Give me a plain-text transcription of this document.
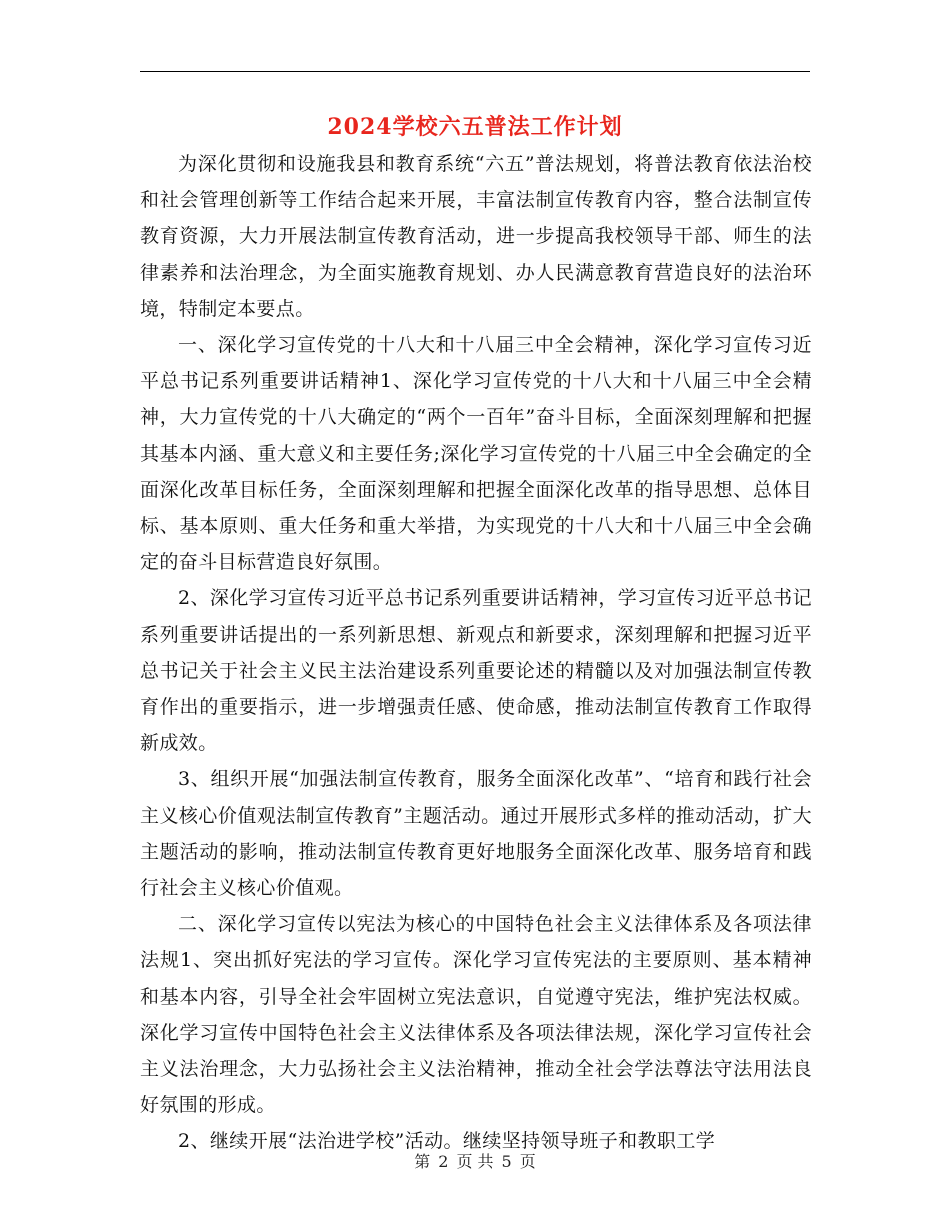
2024学校六五普法工作计划

为深化贯彻和设施我县和教育系统“六五”普法规划，将普法教育依法治校和社会管理创新等工作结合起来开展，丰富法制宣传教育内容，整合法制宣传教育资源，大力开展法制宣传教育活动，进一步提高我校领导干部、师生的法律素养和法治理念，为全面实施教育规划、办人民满意教育营造良好的法治环境，特制定本要点。

一、深化学习宣传党的十八大和十八届三中全会精神，深化学习宣传习近平总书记系列重要讲话精神1、深化学习宣传党的十八大和十八届三中全会精神，大力宣传党的十八大确定的“两个一百年”奋斗目标，全面深刻理解和把握其基本内涵、重大意义和主要任务;深化学习宣传党的十八届三中全会确定的全面深化改革目标任务，全面深刻理解和把握全面深化改革的指导思想、总体目标、基本原则、重大任务和重大举措，为实现党的十八大和十八届三中全会确定的奋斗目标营造良好氛围。

2、深化学习宣传习近平总书记系列重要讲话精神，学习宣传习近平总书记系列重要讲话提出的一系列新思想、新观点和新要求，深刻理解和把握习近平总书记关于社会主义民主法治建设系列重要论述的精髓以及对加强法制宣传教育作出的重要指示，进一步增强责任感、使命感，推动法制宣传教育工作取得新成效。

3、组织开展“加强法制宣传教育，服务全面深化改革”、“培育和践行社会主义核心价值观法制宣传教育”主题活动。通过开展形式多样的推动活动，扩大主题活动的影响，推动法制宣传教育更好地服务全面深化改革、服务培育和践行社会主义核心价值观。

二、深化学习宣传以宪法为核心的中国特色社会主义法律体系及各项法律法规1、突出抓好宪法的学习宣传。深化学习宣传宪法的主要原则、基本精神和基本内容，引导全社会牢固树立宪法意识，自觉遵守宪法，维护宪法权威。深化学习宣传中国特色社会主义法律体系及各项法律法规，深化学习宣传社会主义法治理念，大力弘扬社会主义法治精神，推动全社会学法尊法守法用法良好氛围的形成。

2、继续开展“法治进学校”活动。继续坚持领导班子和教职工学

第 2 页 共 5 页
